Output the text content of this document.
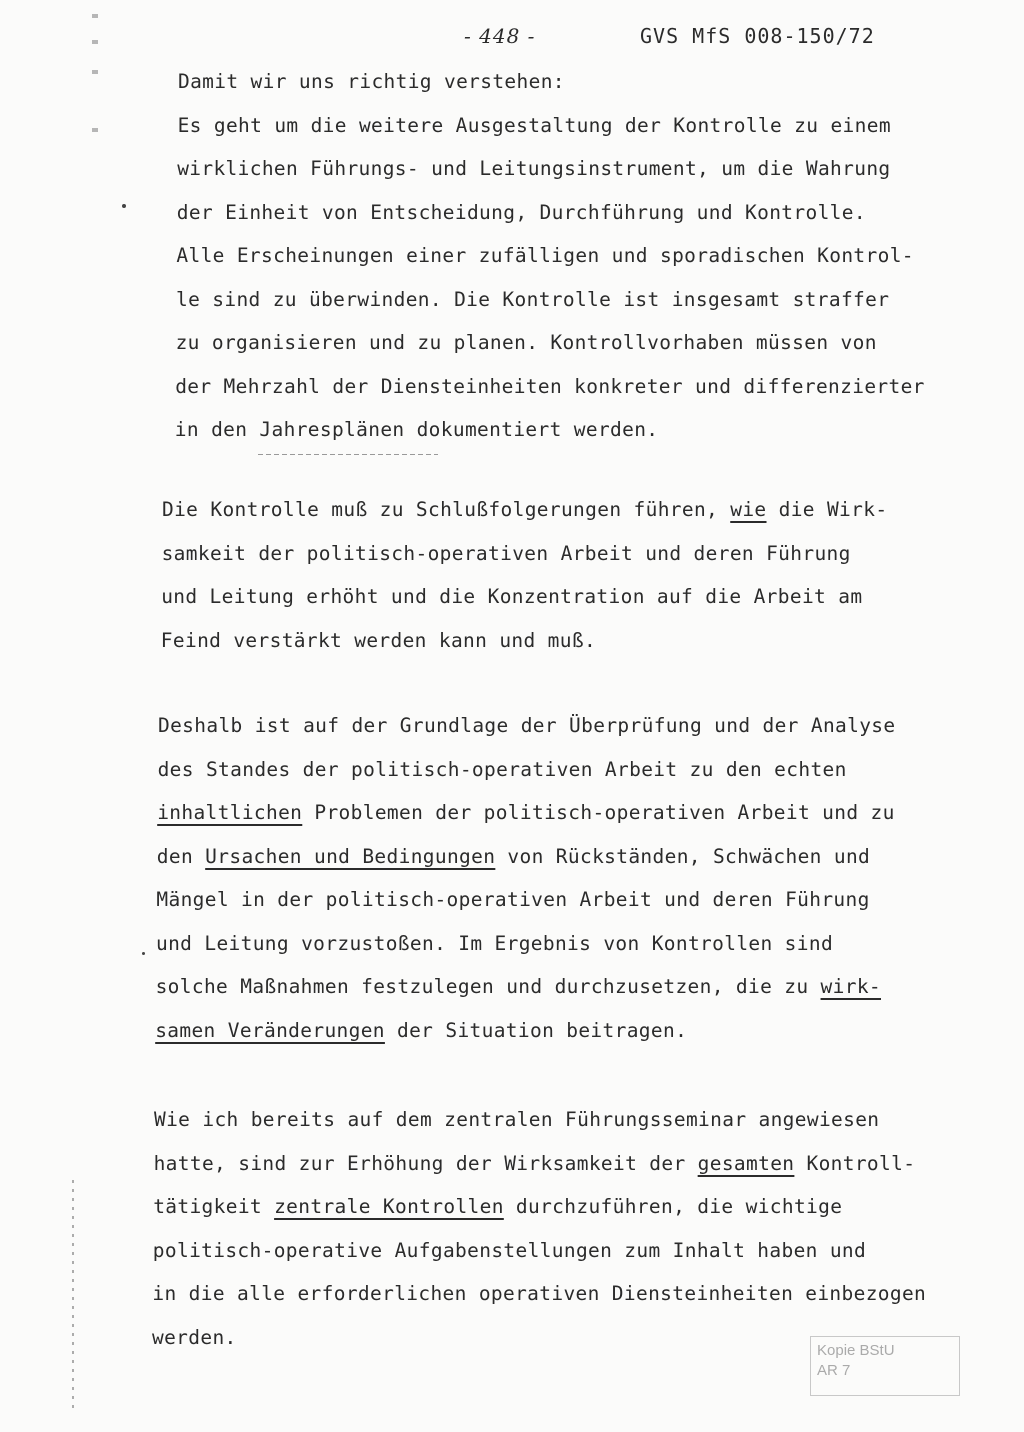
- 448 -	GVS MfS 008-150/72
Damit wir uns richtig verstehen:
Es geht um die weitere Ausgestaltung der Kontrolle zu einem
wirklichen Führungs- und Leitungsinstrument, um die Wahrung
der Einheit von Entscheidung, Durchführung und Kontrolle.
Alle Erscheinungen einer zufälligen und sporadischen Kontrol-
le sind zu überwinden. Die Kontrolle ist insgesamt straffer
zu organisieren und zu planen. Kontrollvorhaben müssen von
der Mehrzahl der Diensteinheiten konkreter und differenzierter
in den Jahresplänen dokumentiert werden.
Die Kontrolle muß zu Schlußfolgerungen führen, wie die Wirk-
samkeit der politisch-operativen Arbeit und deren Führung
und Leitung erhöht und die Konzentration auf die Arbeit am
Feind verstärkt werden kann und muß.
Deshalb ist auf der Grundlage der Überprüfung und der Analyse
des Standes der politisch-operativen Arbeit zu den echten
inhaltlichen Problemen der politisch-operativen Arbeit und zu
den Ursachen und Bedingungen von Rückständen, Schwächen und
Mängel in der politisch-operativen Arbeit und deren Führung
und Leitung vorzustoßen. Im Ergebnis von Kontrollen sind
solche Maßnahmen festzulegen und durchzusetzen, die zu wirk-
samen Veränderungen der Situation beitragen.
Wie ich bereits auf dem zentralen Führungsseminar angewiesen
hatte, sind zur Erhöhung der Wirksamkeit der gesamten Kontroll-
tätigkeit zentrale Kontrollen durchzuführen, die wichtige
politisch-operative Aufgabenstellungen zum Inhalt haben und
in die alle erforderlichen operativen Diensteinheiten einbezogen
werden.
Kopie BStU
AR 7
